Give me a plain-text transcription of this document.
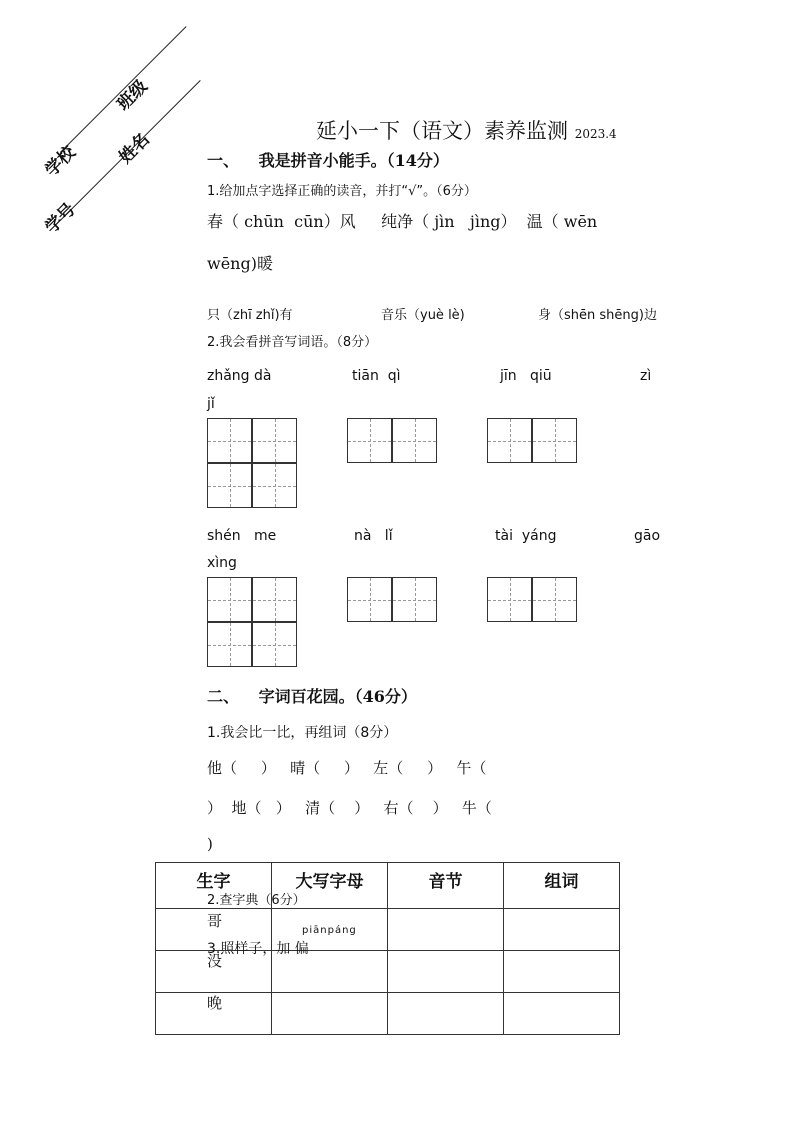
学校
班级
学号
姓名	延小一下（语文）素养监测 2023.4
一、 我是拼音小能手。（14分）
1.给加点字选择正确的读音，并打“√”。（6分）
春（ chūn  cūn）风     纯净（ jìn   jìng）  温（ wēn
wēng)暖
只（zhī zhǐ)有	音乐（yuè lè)	身（shēn shēng)边
2.我会看拼音写词语。（8分）
zhǎng dà	tiān  qì	jīn   qiū	zì
jǐ
shén   me	nà   lǐ	tài  yáng	gāo
xìng
二、 字词百花园。（46分）
1.我会比一比，再组词（8分）
他（     ）   晴（     ）   左（     ）   午（
）  地（   ）   清（    ）   右（    ）   牛（
)
生字	大写字母	音节	组词

2.查字典（6分）
哥
piānpáng
3.照样子，加 偏
没
晚
